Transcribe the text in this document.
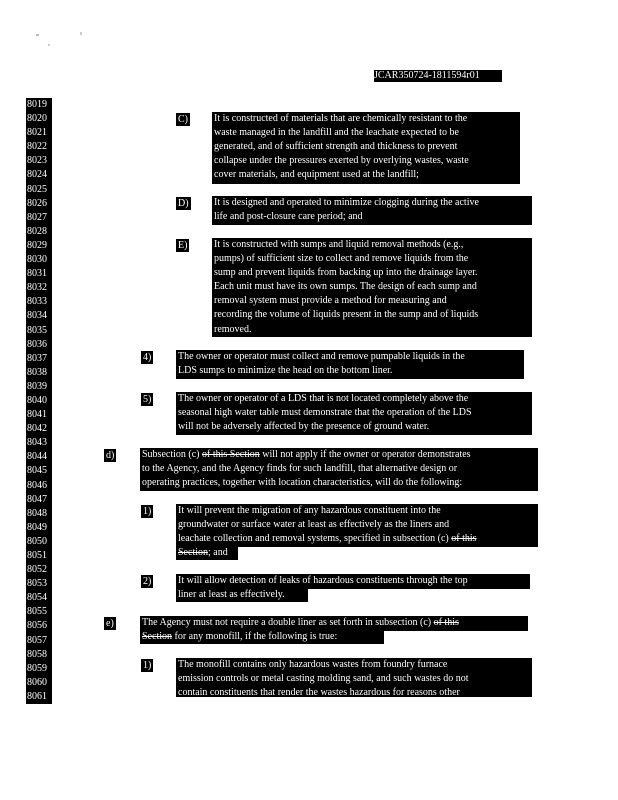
JCAR350724-1811594r01
8019
8020
8021
8022
8023
8024
8025
8026
8027
8028
8029
8030
8031
8032
8033
8034
8035
8036
8037
8038
8039
8040
8041
8042
8043
8044
8045
8046
8047
8048
8049
8050
8051
8052
8053
8054
8055
8056
8057
8058
8059
8060
8061
C)	It is constructed of materials that are chemically resistant to the
waste managed in the landfill and the leachate expected to be
generated, and of sufficient strength and thickness to prevent
collapse under the pressures exerted by overlying wastes, waste
cover materials, and equipment used at the landfill;
D)	It is designed and operated to minimize clogging during the active
life and post-closure care period; and
E)	It is constructed with sumps and liquid removal methods (e.g.,
pumps) of sufficient size to collect and remove liquids from the
sump and prevent liquids from backing up into the drainage layer.
Each unit must have its own sumps. The design of each sump and
removal system must provide a method for measuring and
recording the volume of liquids present in the sump and of liquids
removed.
4)	The owner or operator must collect and remove pumpable liquids in the
LDS sumps to minimize the head on the bottom liner.
5)	The owner or operator of a LDS that is not located completely above the
seasonal high water table must demonstrate that the operation of the LDS
will not be adversely affected by the presence of ground water.
d)	Subsection (c) of this Section will not apply if the owner or operator demonstrates
to the Agency, and the Agency finds for such landfill, that alternative design or
operating practices, together with location characteristics, will do the following:
1)	It will prevent the migration of any hazardous constituent into the
groundwater or surface water at least as effectively as the liners and
leachate collection and removal systems, specified in subsection (c) of this
Section; and
2)	It will allow detection of leaks of hazardous constituents through the top
liner at least as effectively.
e)	The Agency must not require a double liner as set forth in subsection (c) of this
Section for any monofill, if the following is true:
1)	The monofill contains only hazardous wastes from foundry furnace
emission controls or metal casting molding sand, and such wastes do not
contain constituents that render the wastes hazardous for reasons other
